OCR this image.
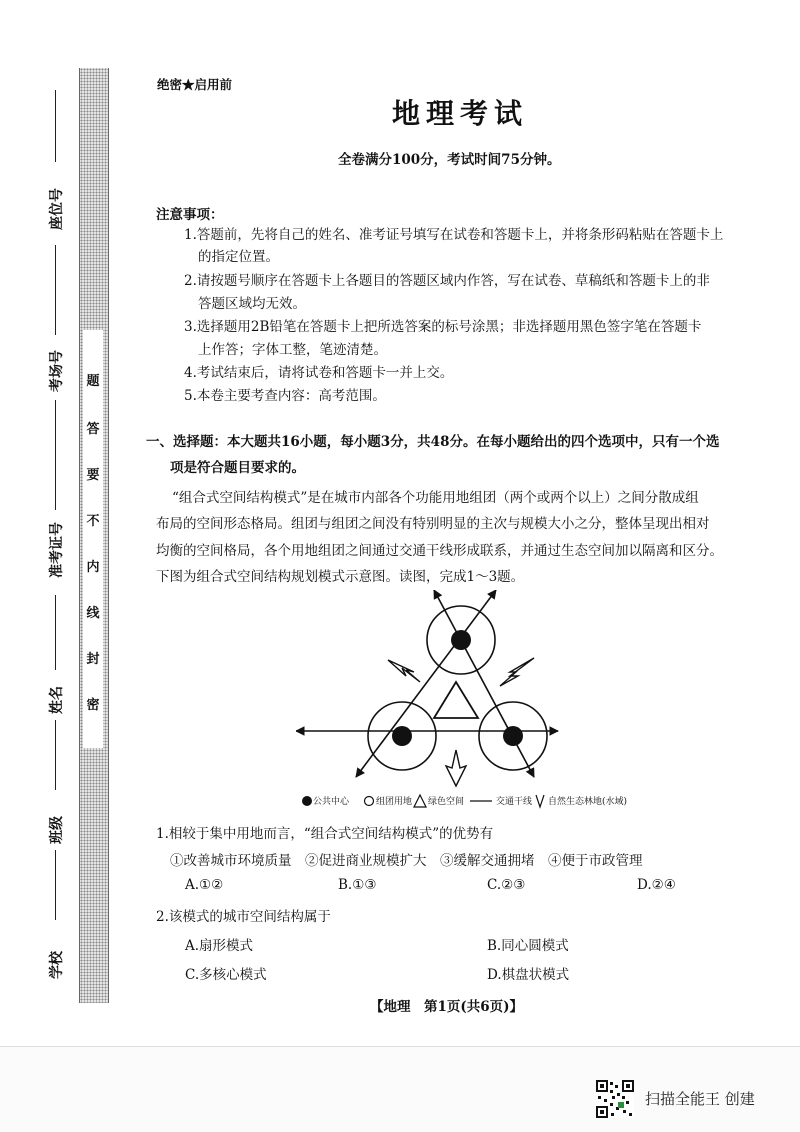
题
答
要
不
内
线
封
密
座位号
考场号
准考证号
姓名
班级
学校
绝密★启用前
地理考试
全卷满分100分，考试时间75分钟。
注意事项：
1.答题前，先将自己的姓名、准考证号填写在试卷和答题卡上，并将条形码粘贴在答题卡上
的指定位置。
2.请按题号顺序在答题卡上各题目的答题区域内作答，写在试卷、草稿纸和答题卡上的非
答题区域均无效。
3.选择题用2B铅笔在答题卡上把所选答案的标号涂黑；非选择题用黑色签字笔在答题卡
上作答；字体工整，笔迹清楚。
4.考试结束后，请将试卷和答题卡一并上交。
5.本卷主要考查内容：高考范围。
一、选择题：本大题共16小题，每小题3分，共48分。在每小题给出的四个选项中，只有一个选
项是符合题目要求的。
“组合式空间结构模式”是在城市内部各个功能用地组团（两个或两个以上）之间分散成组
布局的空间形态格局。组团与组团之间没有特别明显的主次与规模大小之分，整体呈现出相对
均衡的空间格局，各个用地组团之间通过交通干线形成联系，并通过生态空间加以隔离和区分。
下图为组合式空间结构规划模式示意图。读图，完成1～3题。
公共中心	组团用地 绿色空间	交通干线 自然生态林地(水域)
1.相较于集中用地而言，“组合式空间结构模式”的优势有
①改善城市环境质量　②促进商业规模扩大　③缓解交通拥堵　④便于市政管理
A.①②	B.①③	C.②③	D.②④
2.该模式的城市空间结构属于
A.扇形模式	B.同心圆模式
C.多核心模式	D.棋盘状模式
【地理　第1页(共6页)】
扫描全能王 创建
